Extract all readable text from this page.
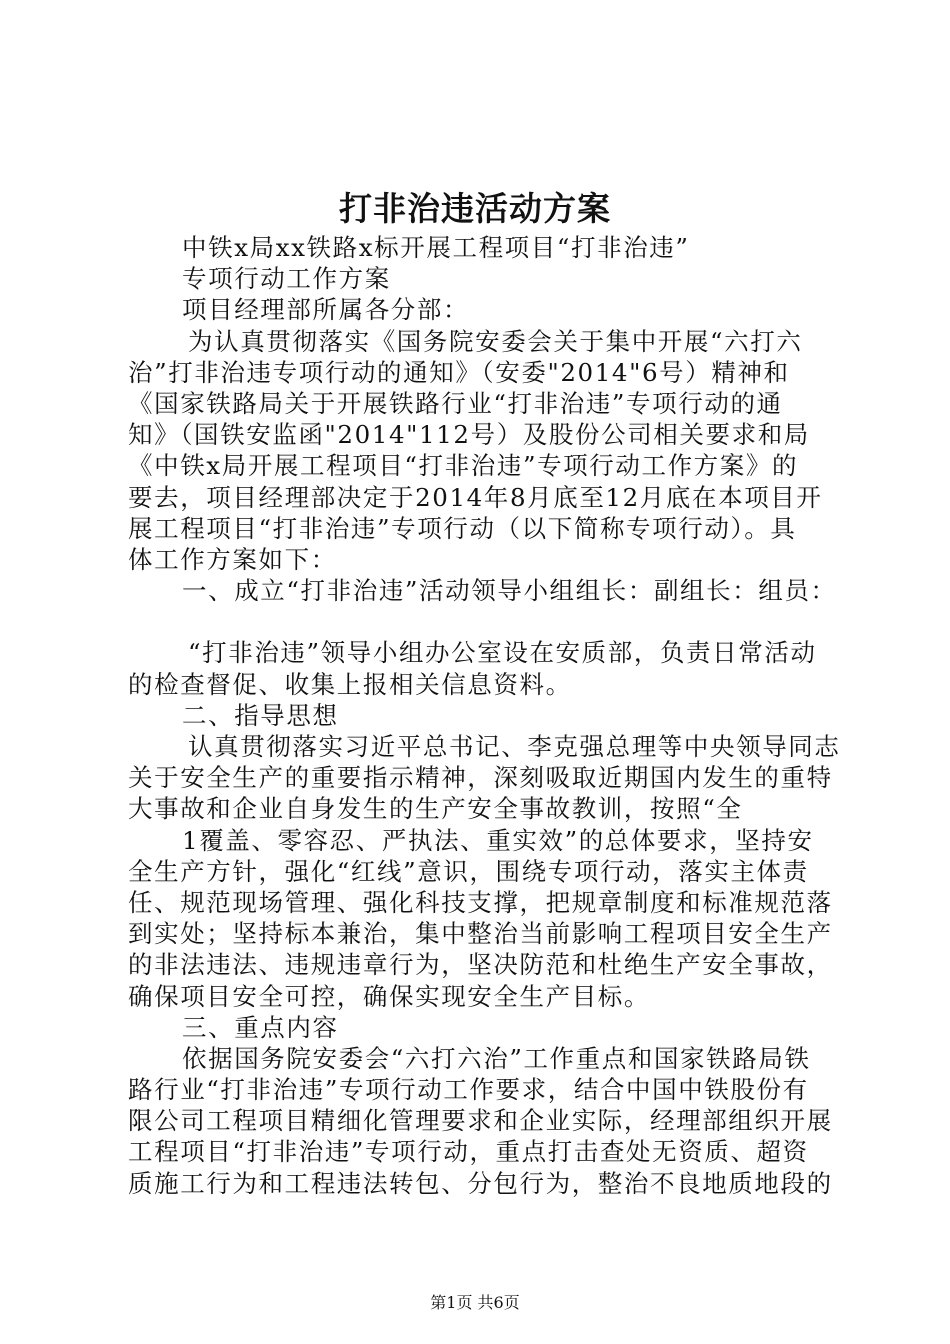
打非治违活动方案
中铁x局xx铁路x标开展工程项目“打非治违”
专项行动工作方案
项目经理部所属各分部：
为认真贯彻落实《国务院安委会关于集中开展“六打六
治”打非治违专项行动的通知》（安委"2014"6号）精神和
《国家铁路局关于开展铁路行业“打非治违”专项行动的通
知》（国铁安监函"2014"112号）及股份公司相关要求和局
《中铁x局开展工程项目“打非治违”专项行动工作方案》的
要去，项目经理部决定于2014年8月底至12月底在本项目开
展工程项目“打非治违”专项行动（以下简称专项行动）。具
体工作方案如下：
一、成立“打非治违”活动领导小组组长：副组长：组员：
“打非治违”领导小组办公室设在安质部，负责日常活动
的检查督促、收集上报相关信息资料。
二、指导思想
认真贯彻落实习近平总书记、李克强总理等中央领导同志
关于安全生产的重要指示精神，深刻吸取近期国内发生的重特
大事故和企业自身发生的生产安全事故教训，按照“全
1覆盖、零容忍、严执法、重实效”的总体要求，坚持安
全生产方针，强化“红线”意识，围绕专项行动，落实主体责
任、规范现场管理、强化科技支撑，把规章制度和标准规范落
到实处；坚持标本兼治，集中整治当前影响工程项目安全生产
的非法违法、违规违章行为，坚决防范和杜绝生产安全事故，
确保项目安全可控，确保实现安全生产目标。
三、重点内容
依据国务院安委会“六打六治”工作重点和国家铁路局铁
路行业“打非治违”专项行动工作要求，结合中国中铁股份有
限公司工程项目精细化管理要求和企业实际，经理部组织开展
工程项目“打非治违”专项行动，重点打击查处无资质、超资
质施工行为和工程违法转包、分包行为，整治不良地质地段的
第1页 共6页
